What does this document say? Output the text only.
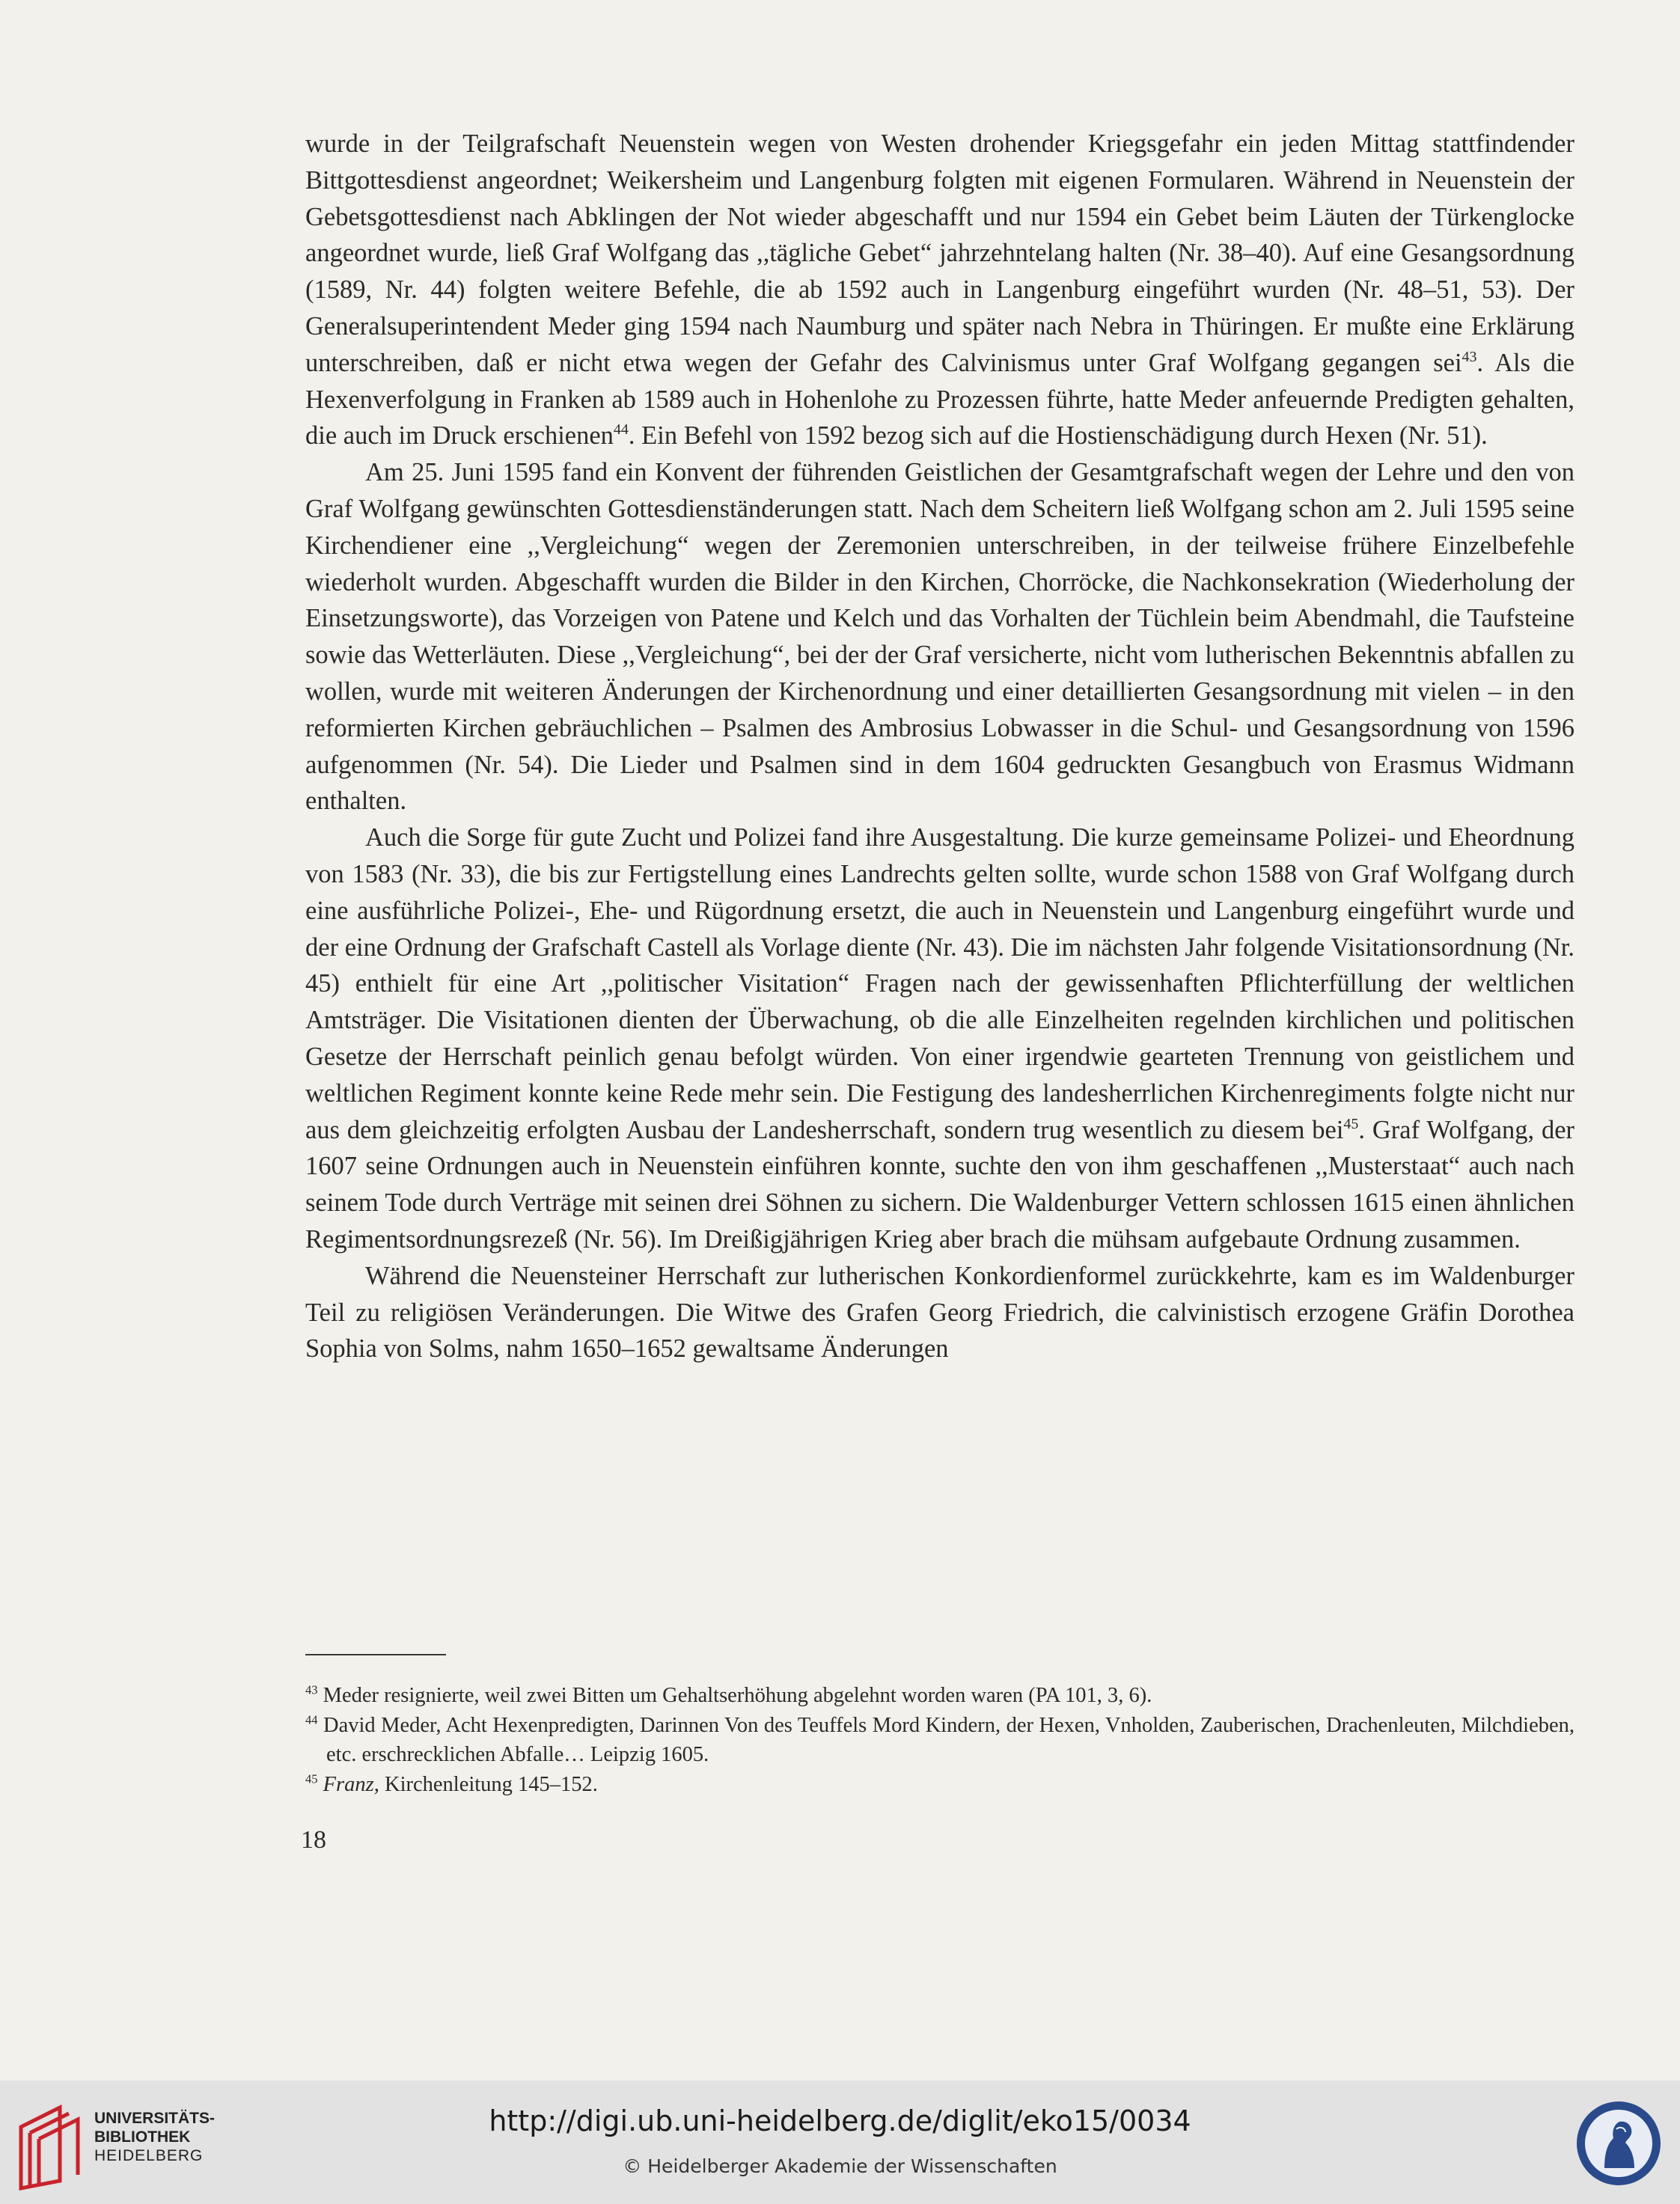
wurde in der Teilgrafschaft Neuenstein wegen von Westen drohender Kriegsgefahr ein jeden Mittag stattfindender Bittgottesdienst angeordnet; Weikersheim und Langenburg folgten mit eigenen Formularen. Während in Neuenstein der Gebetsgottesdienst nach Abklingen der Not wieder abgeschafft und nur 1594 ein Gebet beim Läuten der Türkenglocke angeordnet wurde, ließ Graf Wolfgang das ,,tägliche Gebet“ jahrzehntelang halten (Nr. 38–40). Auf eine Gesangsordnung (1589, Nr. 44) folgten weitere Befehle, die ab 1592 auch in Langenburg eingeführt wurden (Nr. 48–51, 53). Der Generalsuperintendent Meder ging 1594 nach Naumburg und später nach Nebra in Thüringen. Er mußte eine Erklärung unterschreiben, daß er nicht etwa wegen der Gefahr des Calvinismus unter Graf Wolfgang gegangen sei$^{43}$. Als die Hexenverfolgung in Franken ab 1589 auch in Hohenlohe zu Prozessen führte, hatte Meder anfeuernde Predigten gehalten, die auch im Druck erschienen$^{44}$. Ein Befehl von 1592 bezog sich auf die Hostienschädigung durch Hexen (Nr. 51).

Am 25. Juni 1595 fand ein Konvent der führenden Geistlichen der Gesamtgrafschaft wegen der Lehre und den von Graf Wolfgang gewünschten Gottesdienständerungen statt. Nach dem Scheitern ließ Wolfgang schon am 2. Juli 1595 seine Kirchendiener eine ,,Vergleichung“ wegen der Zeremonien unterschreiben, in der teilweise frühere Einzelbefehle wiederholt wurden. Abgeschafft wurden die Bilder in den Kirchen, Chorröcke, die Nachkonsekration (Wiederholung der Einsetzungsworte), das Vorzeigen von Patene und Kelch und das Vorhalten der Tüchlein beim Abendmahl, die Taufsteine sowie das Wetterläuten. Diese ,,Vergleichung“, bei der der Graf versicherte, nicht vom lutherischen Bekenntnis abfallen zu wollen, wurde mit weiteren Änderungen der Kirchenordnung und einer detaillierten Gesangsordnung mit vielen – in den reformierten Kirchen gebräuchlichen – Psalmen des Ambrosius Lobwasser in die Schul- und Gesangsordnung von 1596 aufgenommen (Nr. 54). Die Lieder und Psalmen sind in dem 1604 gedruckten Gesangbuch von Erasmus Widmann enthalten.

Auch die Sorge für gute Zucht und Polizei fand ihre Ausgestaltung. Die kurze gemeinsame Polizei- und Eheordnung von 1583 (Nr. 33), die bis zur Fertigstellung eines Landrechts gelten sollte, wurde schon 1588 von Graf Wolfgang durch eine ausführliche Polizei-, Ehe- und Rügordnung ersetzt, die auch in Neuenstein und Langenburg eingeführt wurde und der eine Ordnung der Grafschaft Castell als Vorlage diente (Nr. 43). Die im nächsten Jahr folgende Visitationsordnung (Nr. 45) enthielt für eine Art ,,politischer Visitation“ Fragen nach der gewissenhaften Pflichterfüllung der weltlichen Amtsträger. Die Visitationen dienten der Überwachung, ob die alle Einzelheiten regelnden kirchlichen und politischen Gesetze der Herrschaft peinlich genau befolgt würden. Von einer irgendwie gearteten Trennung von geistlichem und weltlichen Regiment konnte keine Rede mehr sein. Die Festigung des landesherrlichen Kirchenregiments folgte nicht nur aus dem gleichzeitig erfolgten Ausbau der Landesherrschaft, sondern trug wesentlich zu diesem bei$^{45}$. Graf Wolfgang, der 1607 seine Ordnungen auch in Neuenstein einführen konnte, suchte den von ihm geschaffenen ,,Musterstaat“ auch nach seinem Tode durch Verträge mit seinen drei Söhnen zu sichern. Die Waldenburger Vettern schlossen 1615 einen ähnlichen Regimentsordnungsrezeß (Nr. 56). Im Dreißigjährigen Krieg aber brach die mühsam aufgebaute Ordnung zusammen.

Während die Neuensteiner Herrschaft zur lutherischen Konkordienformel zurückkehrte, kam es im Waldenburger Teil zu religiösen Veränderungen. Die Witwe des Grafen Georg Friedrich, die calvinistisch erzogene Gräfin Dorothea Sophia von Solms, nahm 1650–1652 gewaltsame Änderungen

$^{43}$ Meder resignierte, weil zwei Bitten um Gehaltserhöhung abgelehnt worden waren (PA 101, 3, 6).

$^{44}$ David Meder, Acht Hexenpredigten, Darinnen Von des Teuffels Mord Kindern, der Hexen, Vnholden, Zauberischen, Drachenleuten, Milchdieben, etc. erschrecklichen Abfalle… Leipzig 1605.

$^{45}$ Franz, Kirchenleitung 145–152.

18
UNIVERSITÄTS-
BIBLIOTHEK
HEIDELBERG
http://digi.ub.uni-heidelberg.de/diglit/eko15/0034
© Heidelberger Akademie der Wissenschaften
